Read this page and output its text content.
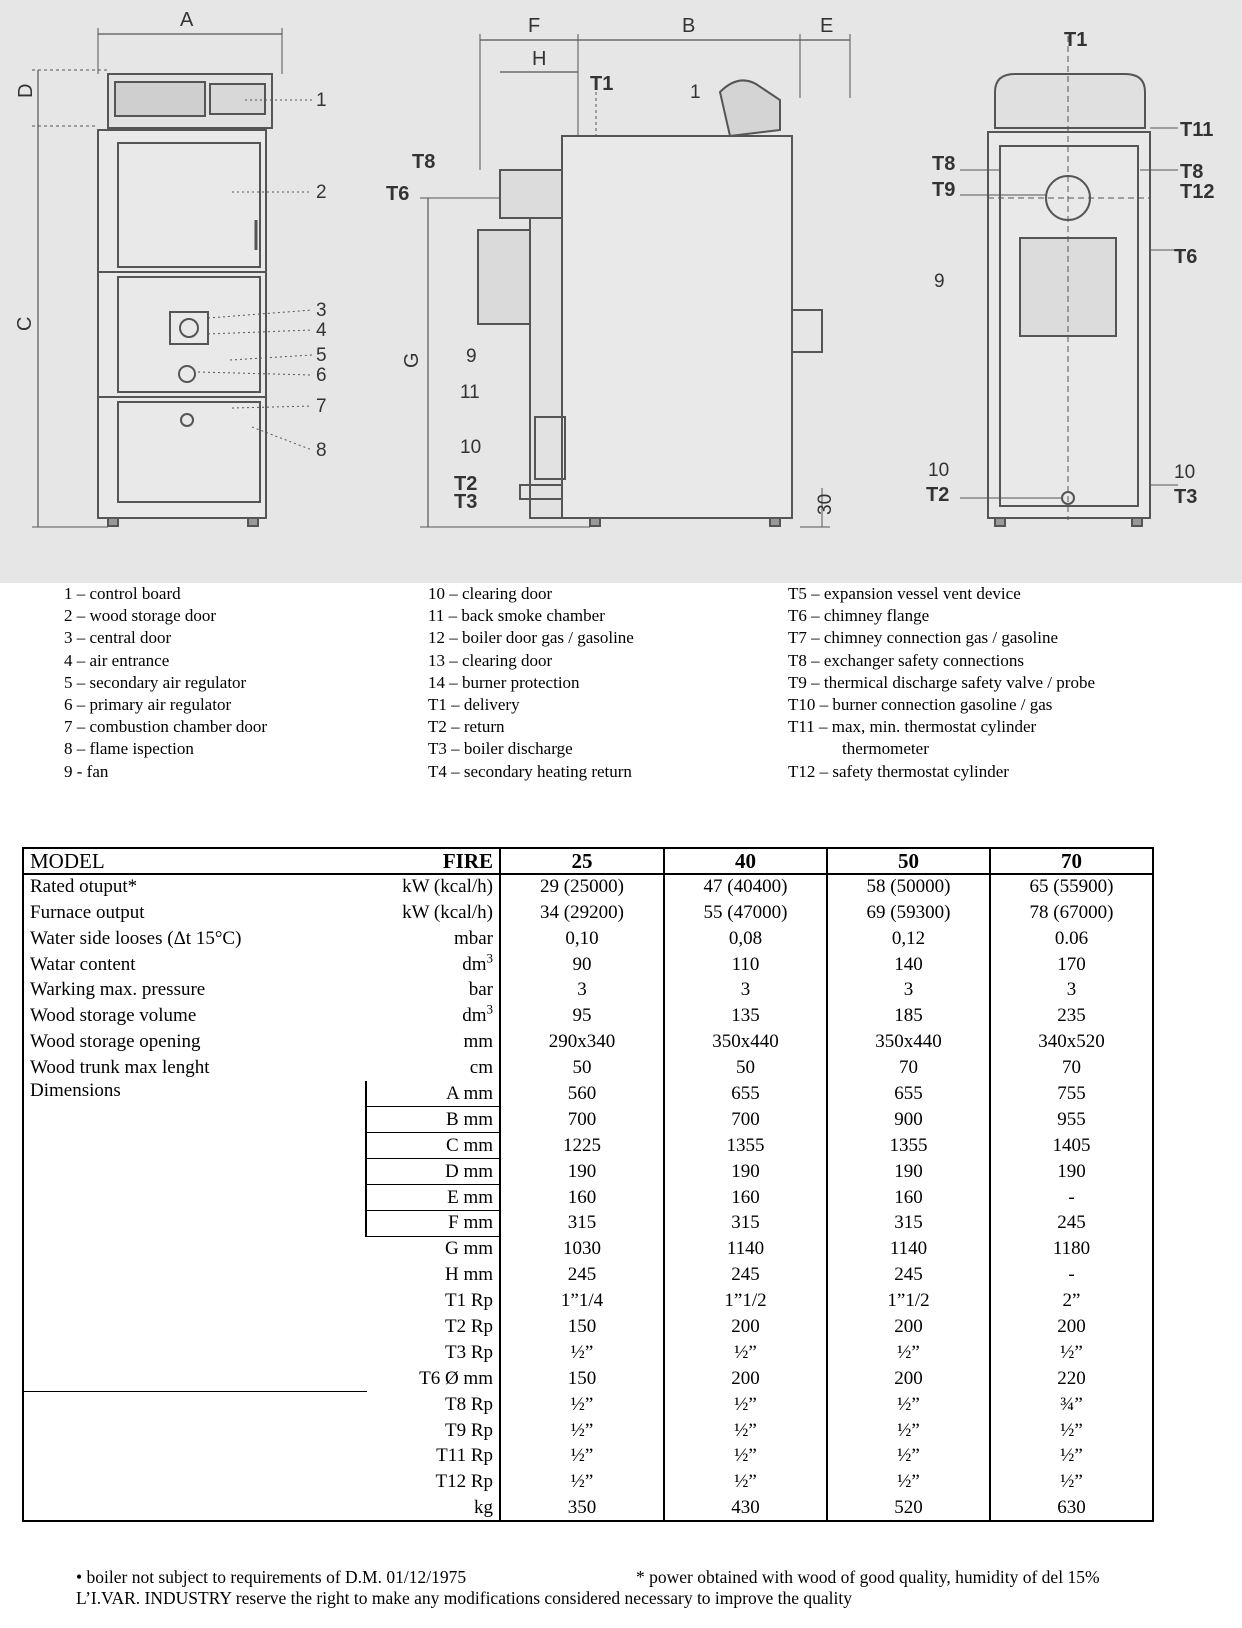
A
C
D	1
2
3
4
5
6
7
8
F	B	E
H
T1
T8
T6
G 9
11
10
T2
T3
1
30
T1
T11
T8
T12
T8
T9
T6
9
10
T3
10
T2
1 – control board
2 – wood storage door
3 – central door
4 – air entrance
5 – secondary air regulator
6 – primary air regulator
7 – combustion chamber door
8 – flame ispection
9 - fan
10 – clearing door
11 – back smoke chamber
12 – boiler door gas / gasoline
13 – clearing door
14 – burner protection
T1 – delivery
T2 – return
T3 – boiler discharge
T4 – secondary heating return
T5 – expansion vessel vent device
T6 – chimney flange
T7 – chimney connection gas / gasoline
T8 – exchanger safety connections
T9 – thermical discharge safety valve / probe
T10 – burner connection gasoline / gas
T11 – max, min. thermostat cylinder
thermometer
T12 – safety thermostat cylinder
MODEL	FIRE	25	40	50	70
Rated otuput*	kW (kcal/h)	29 (25000)	47 (40400)	58 (50000)	65 (55900)
Furnace output	kW (kcal/h)	34 (29200)	55 (47000)	69 (59300)	78 (67000)
Water side looses (Δt 15°C)	mbar	0,10	0,08	0,12	0.06
Watar content	$dm^3$	90	110	140	170
Warking max. pressure	bar	3	3	3	3
Wood storage volume	$dm^3$	95	135	185	235
Wood storage opening	mm	290x340	350x440	350x440	340x520
Wood trunk max lenght	cm	50	50	70	70
Dimensions	A mm	560	655	655	755
	B mm	700	700	900	955
	C mm	1225	1355	1355	1405
	D mm	190	190	190	190
	E mm	160	160	160	-
	F mm	315	315	315	245
	G mm	1030	1140	1140	1180
	H mm	245	245	245	-
	T1 Rp	1”1/4	1”1/2	1”1/2	2”
	T2 Rp	150	200	200	200
	T3 Rp	½”	½”	½”	½”
	T6 Ø mm	150	200	200	220
	T8 Rp	½”	½”	½”	¾”
	T9 Rp	½”	½”	½”	½”
	T11 Rp	½”	½”	½”	½”
	T12 Rp	½”	½”	½”	½”
	kg	350	430	520	630
• boiler not subject to requirements of D.M. 01/12/1975	* power obtained with wood of good quality, humidity of del 15%
L’I.VAR. INDUSTRY reserve the right to make any modifications considered necessary to improve the quality
